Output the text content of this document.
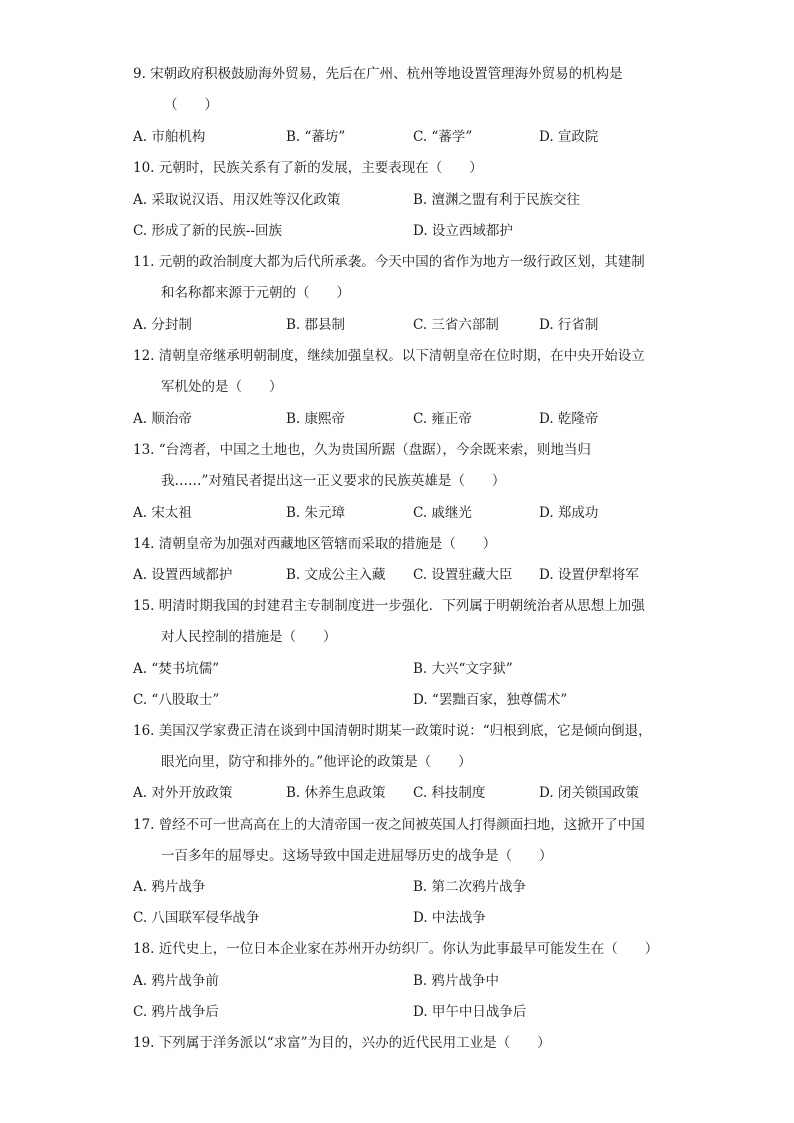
9. 宋朝政府积极鼓励海外贸易，先后在广州、杭州等地设置管理海外贸易的机构是
（　　）
A. 市舶机构	B. “蕃坊”	C. “蕃学”	D. 宣政院
10. 元朝时，民族关系有了新的发展，主要表现在（　　）
A. 采取说汉语、用汉姓等汉化政策	B. 澶渊之盟有利于民族交往
C. 形成了新的民族--回族	D. 设立西域都护
11. 元朝的政治制度大都为后代所承袭。今天中国的省作为地方一级行政区划，其建制
和名称都来源于元朝的（　　）
A. 分封制	B. 郡县制	C. 三省六部制	D. 行省制
12. 清朝皇帝继承明朝制度，继续加强皇权。以下清朝皇帝在位时期，在中央开始设立
军机处的是（　　）
A. 顺治帝	B. 康熙帝	C. 雍正帝	D. 乾隆帝
13. “台湾者，中国之土地也，久为贵国所踞（盘踞），今余既来索，则地当归
我……”对殖民者提出这一正义要求的民族英雄是（　　）
A. 宋太祖	B. 朱元璋	C. 戚继光	D. 郑成功
14. 清朝皇帝为加强对西藏地区管辖而采取的措施是（　　）
A. 设置西域都护	B. 文成公主入藏 C. 设置驻藏大臣 D. 设置伊犁将军
15. 明清时期我国的封建君主专制制度进一步强化．下列属于明朝统治者从思想上加强
对人民控制的措施是（　　）
A. “焚书坑儒”	B. 大兴“文字狱”
C. “八股取士”	D. “罢黜百家，独尊儒术”
16. 美国汉学家费正清在谈到中国清朝时期某一政策时说：“归根到底，它是倾向倒退，
眼光向里，防守和排外的。”他评论的政策是（　　）
A. 对外开放政策	B. 休养生息政策 C. 科技制度	D. 闭关锁国政策
17. 曾经不可一世高高在上的大清帝国一夜之间被英国人打得颜面扫地，这掀开了中国
一百多年的屈辱史。这场导致中国走进屈辱历史的战争是（　　）
A. 鸦片战争	B. 第二次鸦片战争
C. 八国联军侵华战争	D. 中法战争
18. 近代史上，一位日本企业家在苏州开办纺织厂。你认为此事最早可能发生在（　　）
A. 鸦片战争前	B. 鸦片战争中
C. 鸦片战争后	D. 甲午中日战争后
19. 下列属于洋务派以“求富”为目的，兴办的近代民用工业是（　　）
